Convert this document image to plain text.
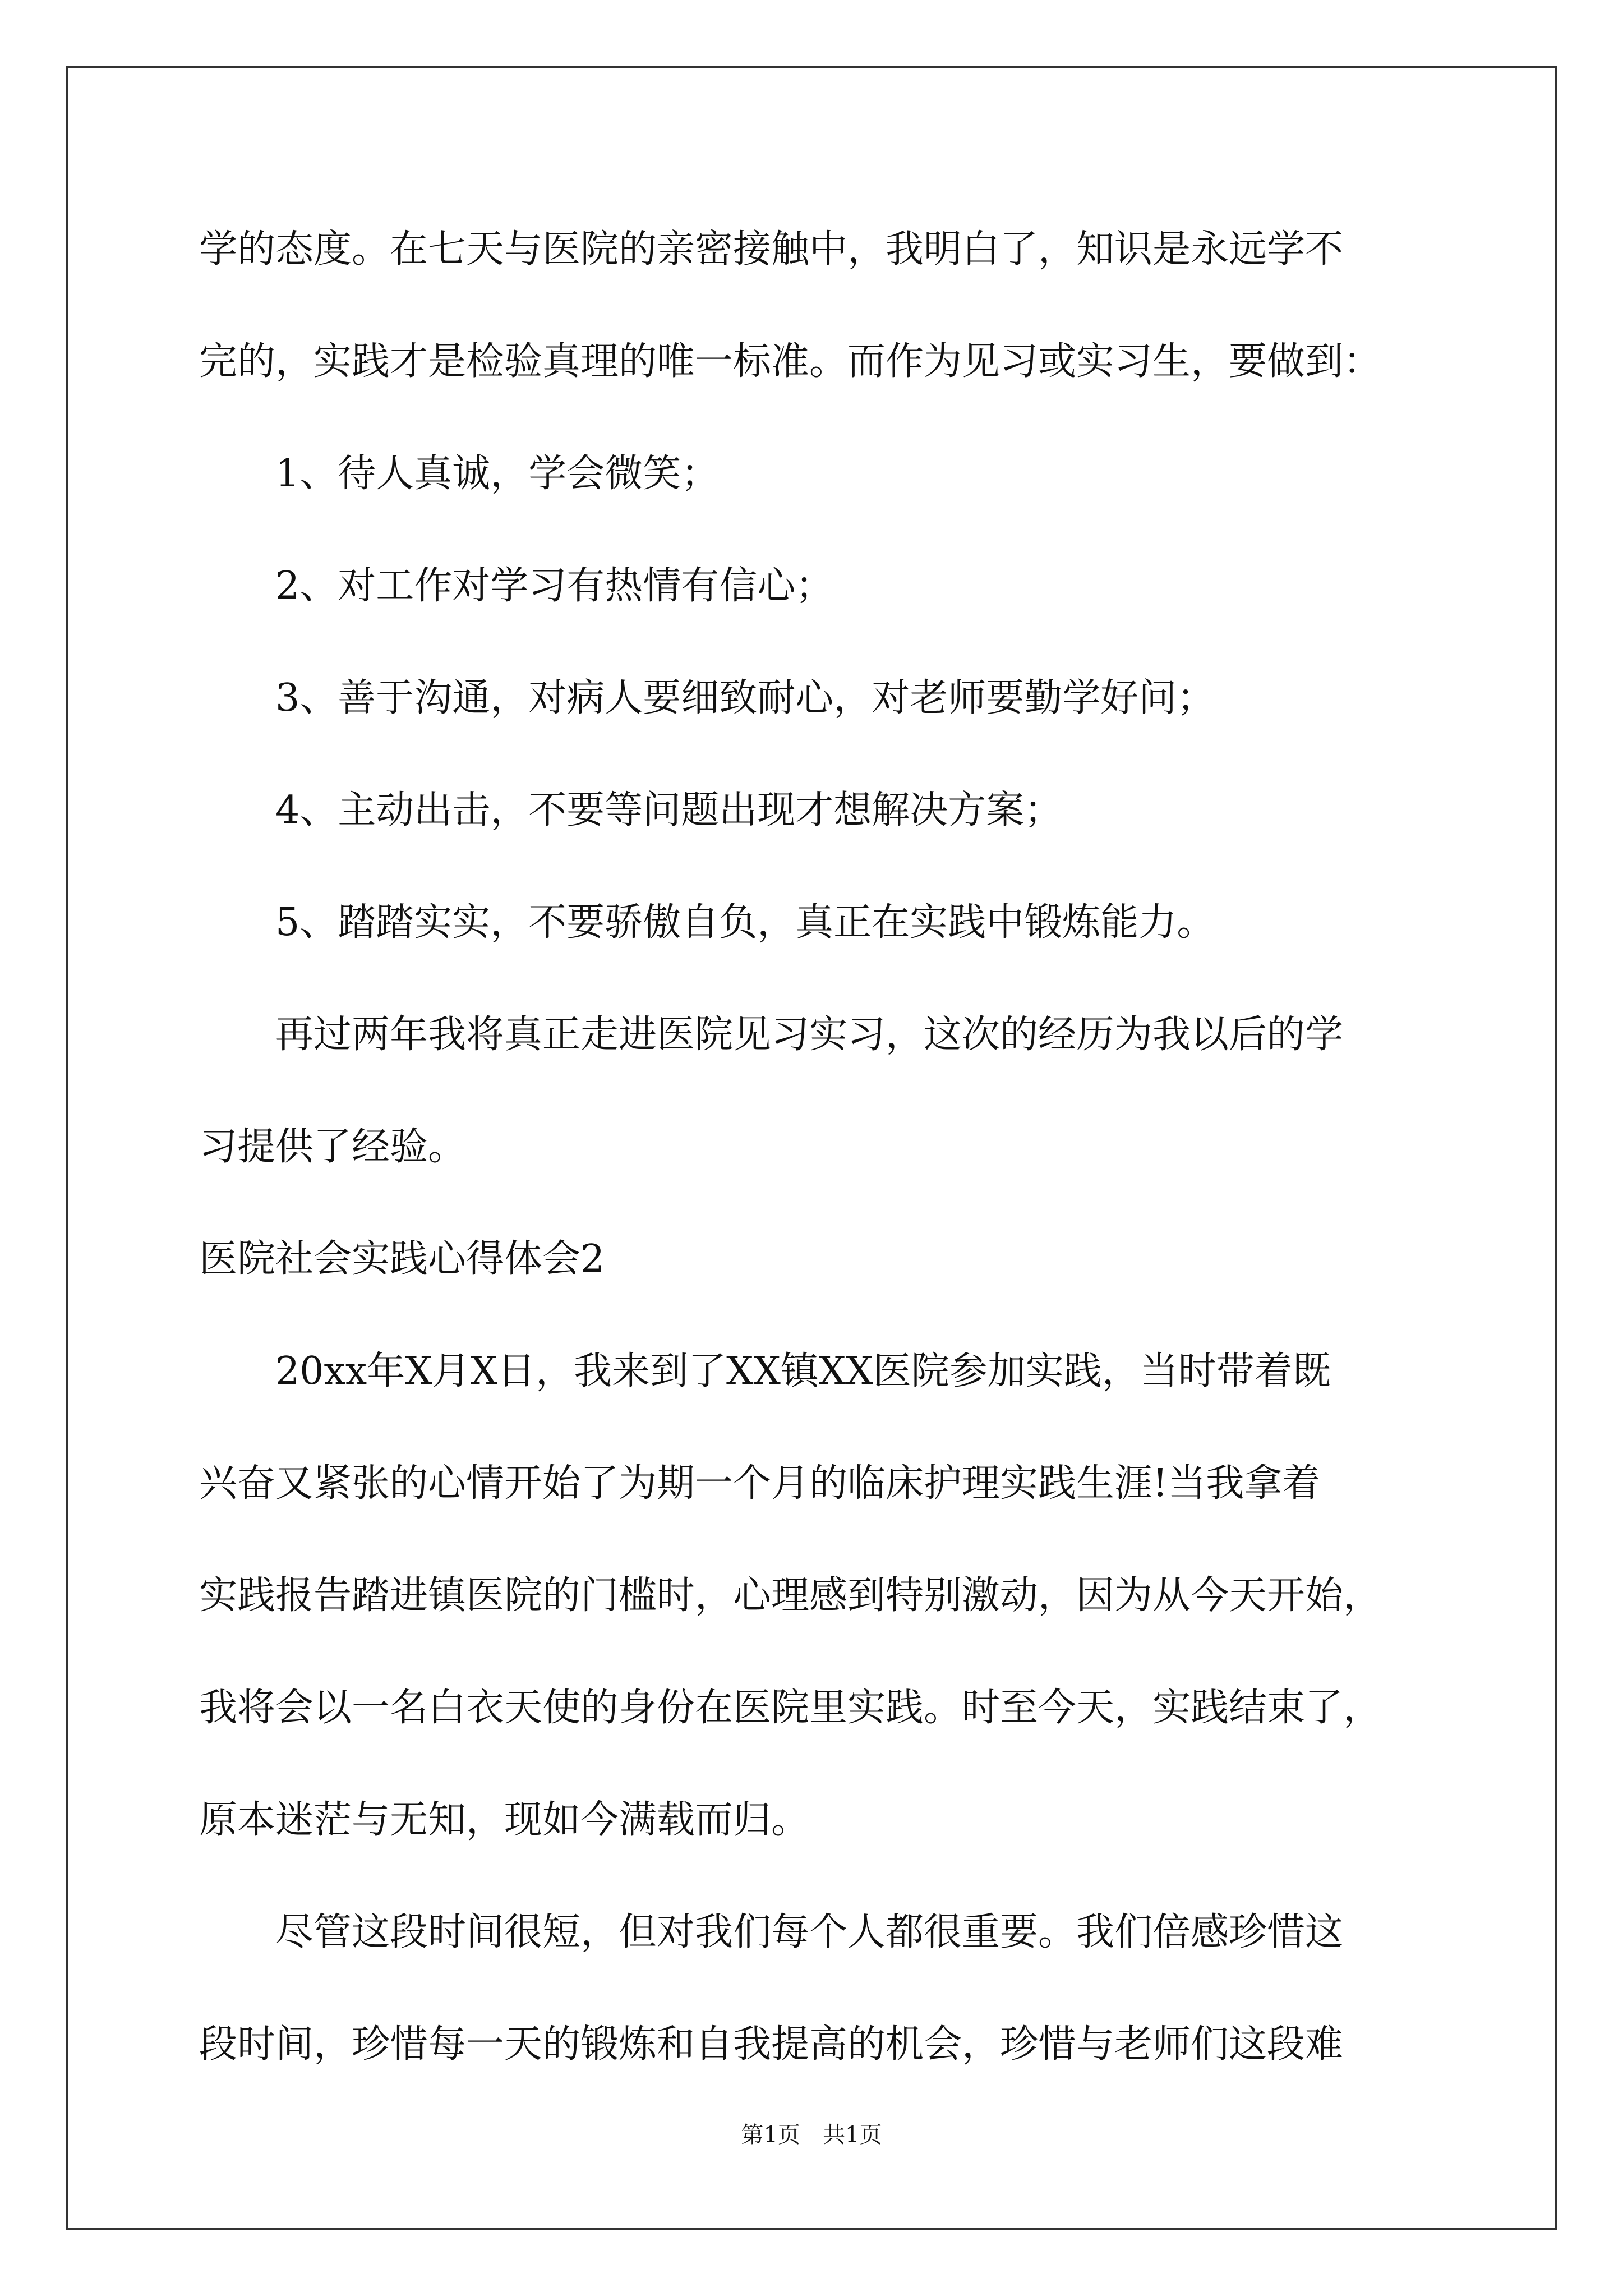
学的态度。在七天与医院的亲密接触中，我明白了，知识是永远学不
完的，实践才是检验真理的唯一标准。而作为见习或实习生，要做到：
　　1、待人真诚，学会微笑；
　　2、对工作对学习有热情有信心；
　　3、善于沟通，对病人要细致耐心，对老师要勤学好问；
　　4、主动出击，不要等问题出现才想解决方案；
　　5、踏踏实实，不要骄傲自负，真正在实践中锻炼能力。
　　再过两年我将真正走进医院见习实习，这次的经历为我以后的学
习提供了经验。
医院社会实践心得体会2
　　20xx年X月X日，我来到了XX镇XX医院参加实践，当时带着既
兴奋又紧张的心情开始了为期一个月的临床护理实践生涯!当我拿着
实践报告踏进镇医院的门槛时，心理感到特别激动，因为从今天开始，
我将会以一名白衣天使的身份在医院里实践。时至今天，实践结束了，
原本迷茫与无知，现如今满载而归。
　　尽管这段时间很短，但对我们每个人都很重要。我们倍感珍惜这
段时间，珍惜每一天的锻炼和自我提高的机会，珍惜与老师们这段难
第1页　共1页
